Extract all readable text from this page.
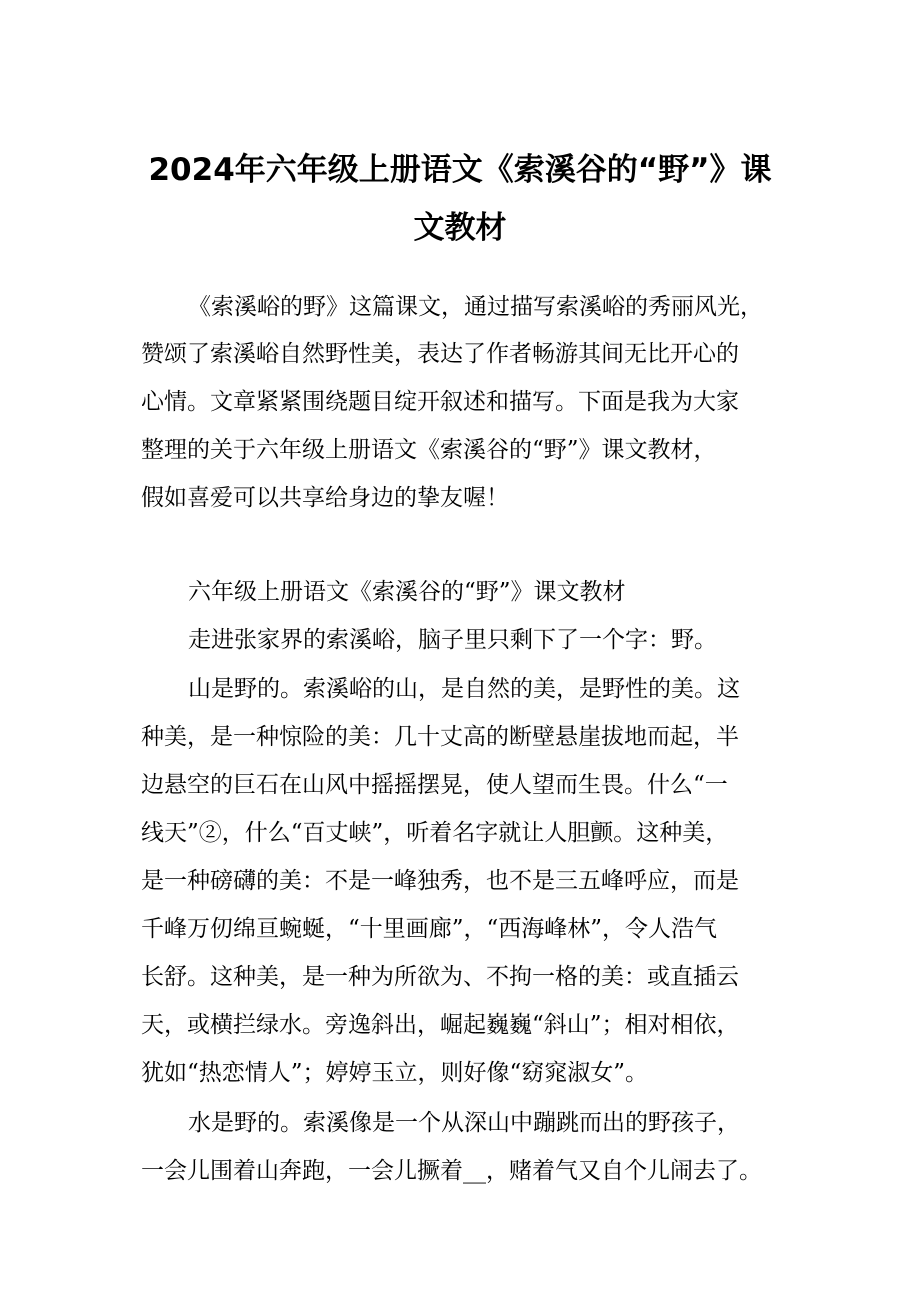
2024年六年级上册语文《索溪谷的“野”》课
文教材

《索溪峪的野》这篇课文，通过描写索溪峪的秀丽风光，

赞颂了索溪峪自然野性美，表达了作者畅游其间无比开心的

心情。文章紧紧围绕题目绽开叙述和描写。下面是我为大家

整理的关于六年级上册语文《索溪谷的“野”》课文教材，

假如喜爱可以共享给身边的挚友喔！

六年级上册语文《索溪谷的“野”》课文教材

走进张家界的索溪峪，脑子里只剩下了一个字：野。

山是野的。索溪峪的山，是自然的美，是野性的美。这

种美，是一种惊险的美：几十丈高的断壁悬崖拔地而起，半

边悬空的巨石在山风中摇摇摆晃，使人望而生畏。什么“一

线天”②，什么“百丈峡”，听着名字就让人胆颤。这种美，

是一种磅礴的美：不是一峰独秀，也不是三五峰呼应，而是

千峰万仞绵亘蜿蜒，“十里画廊”，“西海峰林”，令人浩气

长舒。这种美，是一种为所欲为、不拘一格的美：或直插云

天，或横拦绿水。旁逸斜出，崛起巍巍“斜山”；相对相依，

犹如“热恋情人”；婷婷玉立，则好像“窈窕淑女”。

水是野的。索溪像是一个从深山中蹦跳而出的野孩子，

一会儿围着山奔跑，一会儿撅着__，赌着气又自个儿闹去了。
